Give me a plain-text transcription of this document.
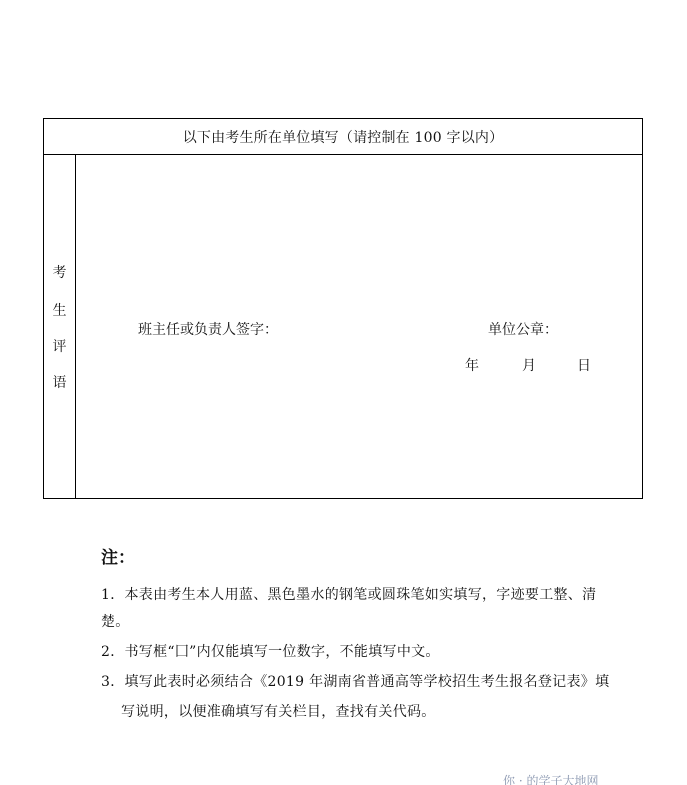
以下由考生所在单位填写（请控制在 100 字以内）
考
生
评
语
班主任或负责人签字：	单位公章：
年	月	日
注：
1．本表由考生本人用蓝、黑色墨水的钢笔或圆珠笔如实填写，字迹要工整、清
楚。
2．书写框“囗”内仅能填写一位数字，不能填写中文。
3．填写此表时必须结合《2019 年湖南省普通高等学校招生考生报名登记表》填
写说明，以便准确填写有关栏目，查找有关代码。
你 · 的学子大地网
